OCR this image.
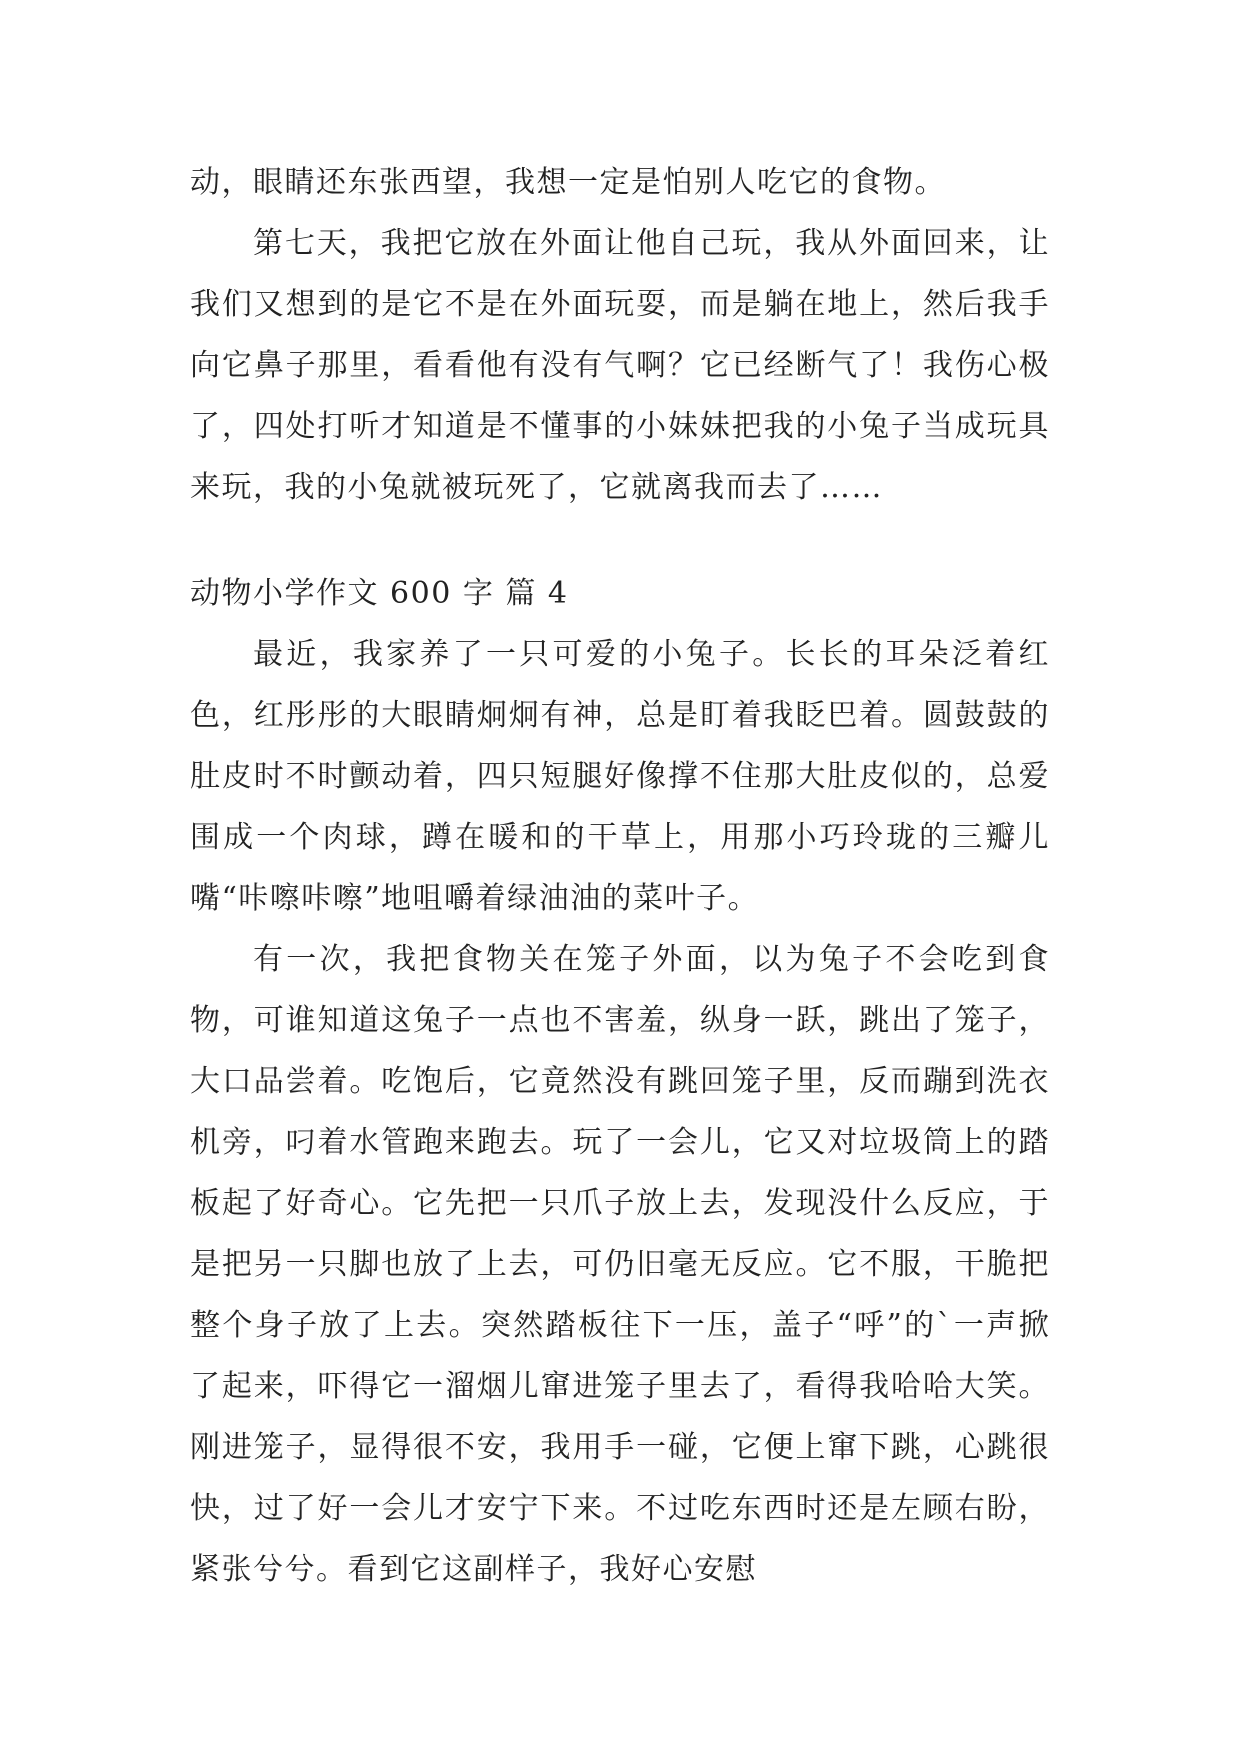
动，眼睛还东张西望，我想一定是怕别人吃它的食物。

第七天，我把它放在外面让他自己玩，我从外面回来，让我们又想到的是它不是在外面玩耍，而是躺在地上，然后我手向它鼻子那里，看看他有没有气啊？它已经断气了！我伤心极了，四处打听才知道是不懂事的小妹妹把我的小兔子当成玩具来玩，我的小兔就被玩死了，它就离我而去了……

动物小学作文 600 字 篇 4

最近，我家养了一只可爱的小兔子。长长的耳朵泛着红色，红彤彤的大眼睛炯炯有神，总是盯着我眨巴着。圆鼓鼓的肚皮时不时颤动着，四只短腿好像撑不住那大肚皮似的，总爱围成一个肉球，蹲在暖和的干草上，用那小巧玲珑的三瓣儿嘴“咔嚓咔嚓”地咀嚼着绿油油的菜叶子。

有一次，我把食物关在笼子外面，以为兔子不会吃到食物，可谁知道这兔子一点也不害羞，纵身一跃，跳出了笼子，大口品尝着。吃饱后，它竟然没有跳回笼子里，反而蹦到洗衣机旁，叼着水管跑来跑去。玩了一会儿，它又对垃圾筒上的踏板起了好奇心。它先把一只爪子放上去，发现没什么反应，于是把另一只脚也放了上去，可仍旧毫无反应。它不服，干脆把整个身子放了上去。突然踏板往下一压，盖子“呼”的`一声掀了起来，吓得它一溜烟儿窜进笼子里去了，看得我哈哈大笑。刚进笼子，显得很不安，我用手一碰，它便上窜下跳，心跳很快，过了好一会儿才安宁下来。不过吃东西时还是左顾右盼，紧张兮兮。看到它这副样子，我好心安慰
